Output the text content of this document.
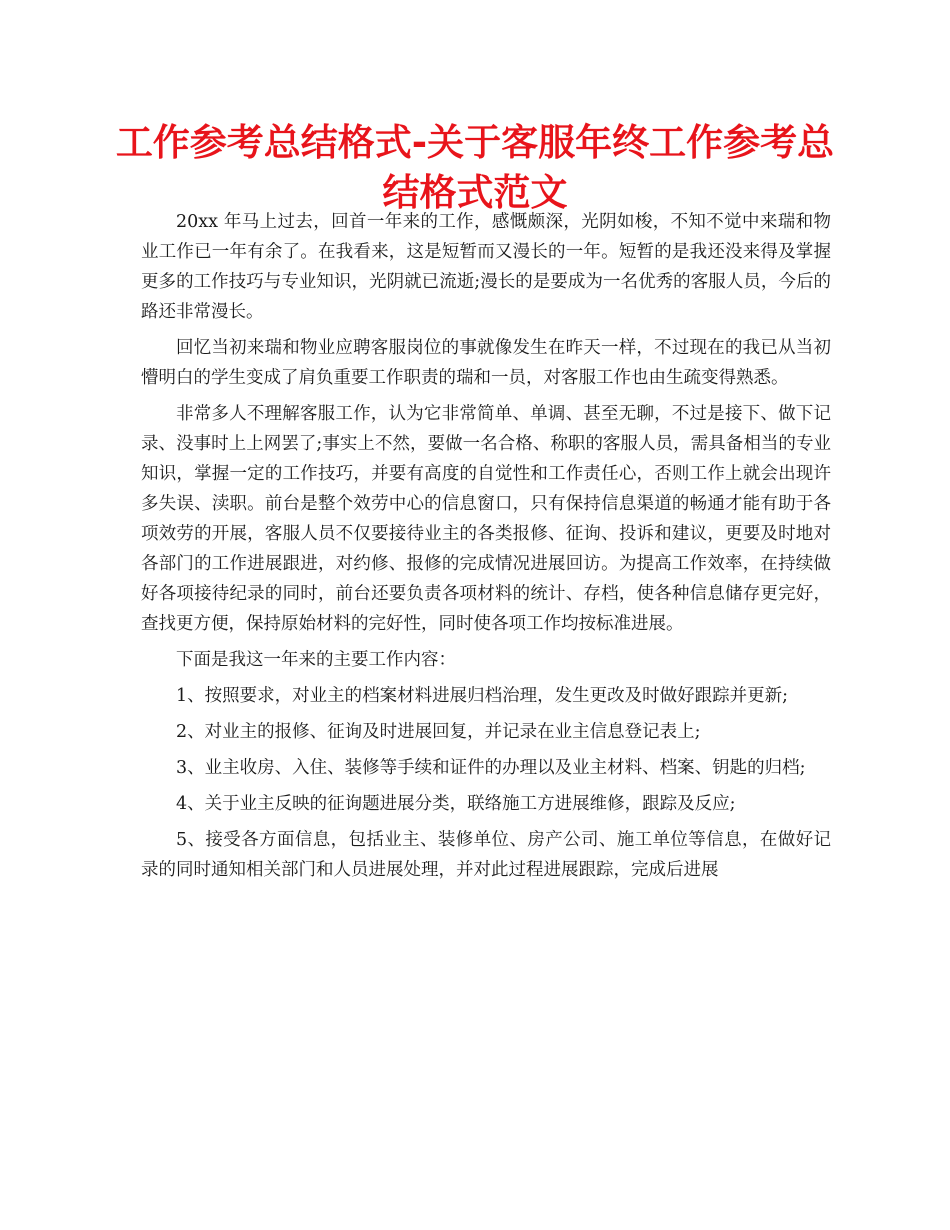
工作参考总结格式-关于客服年终工作参考总结格式范文

20xx 年马上过去，回首一年来的工作，感慨颇深，光阴如梭，不知不觉中来瑞和物业工作已一年有余了。在我看来，这是短暂而又漫长的一年。短暂的是我还没来得及掌握更多的工作技巧与专业知识，光阴就已流逝;漫长的是要成为一名优秀的客服人员，今后的路还非常漫长。

回忆当初来瑞和物业应聘客服岗位的事就像发生在昨天一样，不过现在的我已从当初懵明白的学生变成了肩负重要工作职责的瑞和一员，对客服工作也由生疏变得熟悉。

非常多人不理解客服工作，认为它非常简单、单调、甚至无聊，不过是接下、做下记录、没事时上上网罢了;事实上不然，要做一名合格、称职的客服人员，需具备相当的专业知识，掌握一定的工作技巧，并要有高度的自觉性和工作责任心，否则工作上就会出现许多失误、渎职。前台是整个效劳中心的信息窗口，只有保持信息渠道的畅通才能有助于各项效劳的开展，客服人员不仅要接待业主的各类报修、征询、投诉和建议，更要及时地对各部门的工作进展跟进，对约修、报修的完成情况进展回访。为提高工作效率，在持续做好各项接待纪录的同时，前台还要负责各项材料的统计、存档，使各种信息储存更完好，查找更方便，保持原始材料的完好性，同时使各项工作均按标准进展。

下面是我这一年来的主要工作内容：

1、按照要求，对业主的档案材料进展归档治理，发生更改及时做好跟踪并更新;

2、对业主的报修、征询及时进展回复，并记录在业主信息登记表上;

3、业主收房、入住、装修等手续和证件的办理以及业主材料、档案、钥匙的归档;

4、关于业主反映的征询题进展分类，联络施工方进展维修，跟踪及反应;

5、接受各方面信息，包括业主、装修单位、房产公司、施工单位等信息，在做好记录的同时通知相关部门和人员进展处理，并对此过程进展跟踪，完成后进展
